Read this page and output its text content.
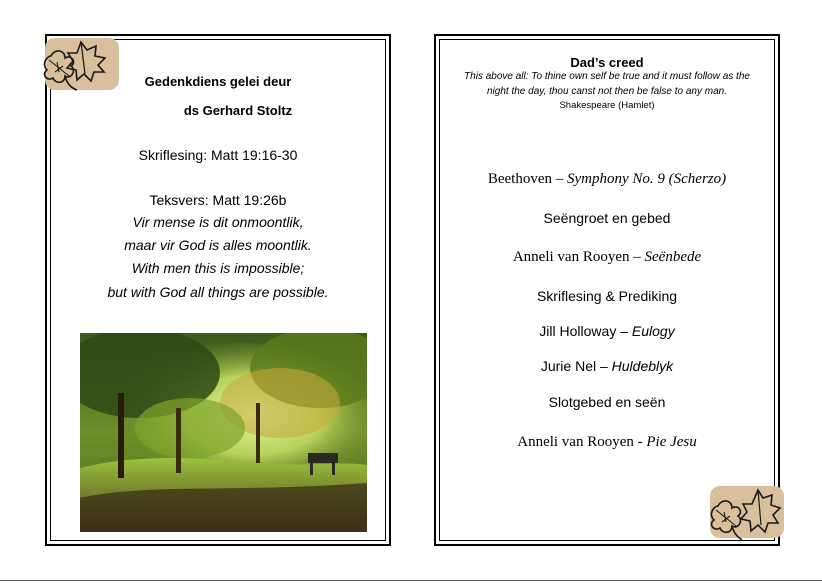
Gedenkdiens gelei deur
ds Gerhard Stoltz
Skriflesing: Matt 19:16-30
Teksvers: Matt 19:26b
Vir mense is dit onmoontlik,
maar vir God is alles moontlik.
With men this is impossible;
but with God all things are possible.
Dad’s creed
This above all: To thine own self be true and it must follow as the
night the day, thou canst not then be false to any man.
Shakespeare (Hamlet)
Beethoven – Symphony No. 9 (Scherzo)
Seëngroet en gebed
Anneli van Rooyen – Seënbede
Skriflesing & Prediking
Jill Holloway – Eulogy
Jurie Nel – Huldeblyk
Slotgebed en seën
Anneli van Rooyen - Pie Jesu
